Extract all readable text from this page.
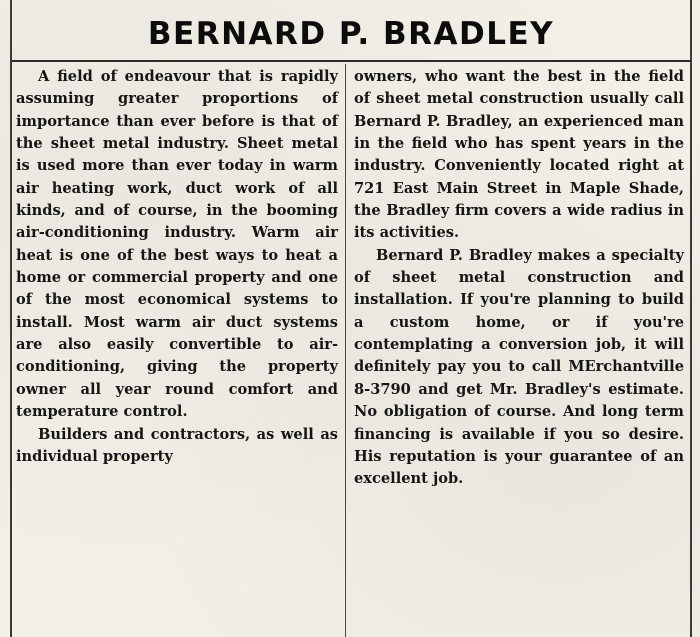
BERNARD P. BRADLEY

A field of endeavour that is rapidly assuming greater proportions of importance than ever before is that of the sheet metal industry. Sheet metal is used more than ever today in warm air heating work, duct work of all kinds, and of course, in the booming air-conditioning industry. Warm air heat is one of the best ways to heat a home or commercial property and one of the most economical systems to install. Most warm air duct systems are also easily convertible to air-conditioning, giving the property owner all year round comfort and temperature control.

Builders and contractors, as well as individual property

owners, who want the best in the field of sheet metal construction usually call Bernard P. Bradley, an experienced man in the field who has spent years in the industry. Conveniently located right at 721 East Main Street in Maple Shade, the Bradley firm covers a wide radius in its activities.

Bernard P. Bradley makes a specialty of sheet metal construction and installation. If you're planning to build a custom home, or if you're contemplating a conversion job, it will definitely pay you to call MErchantville 8-3790 and get Mr. Bradley's estimate. No obligation of course. And long term financing is available if you so desire. His reputation is your guarantee of an excellent job.
